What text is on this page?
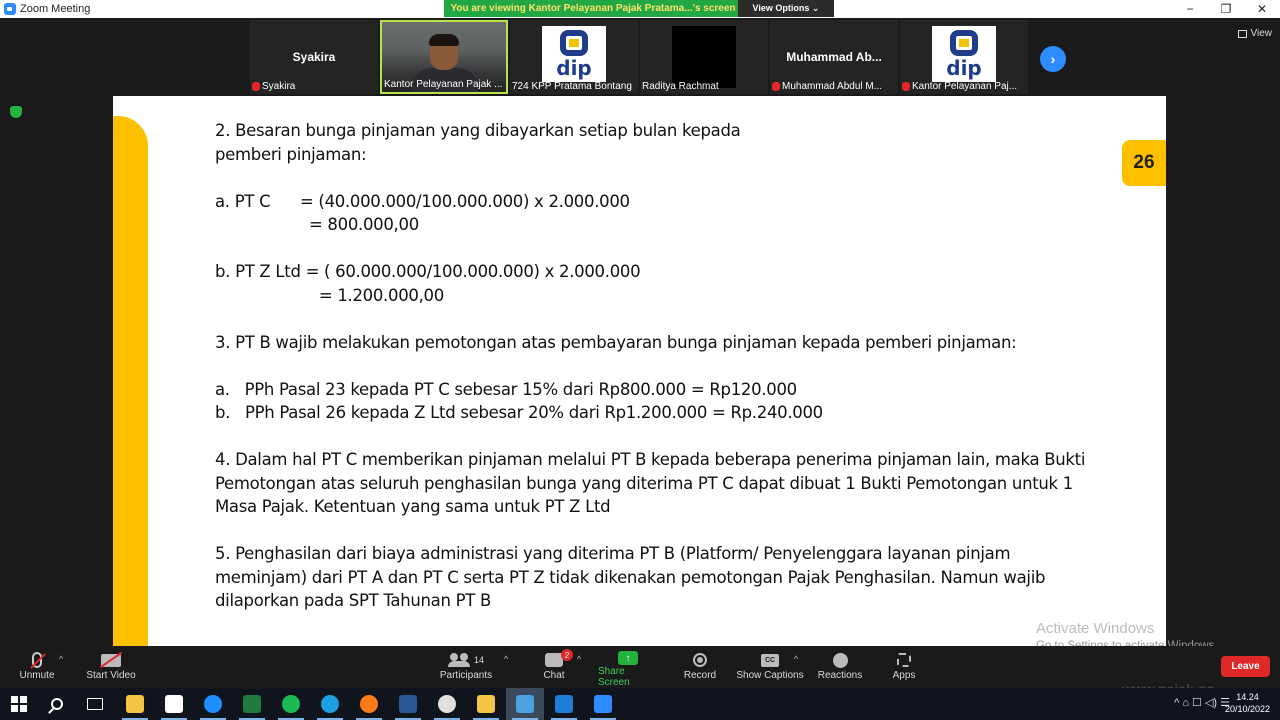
Zoom Meeting	−	❐	✕
You are viewing Kantor Pelayanan Pajak Pratama...'s screen	View Options ⌄
View
Syakira
Syakira	Kantor Pelayanan Pajak ...
dip
724 KPP Pratama Bontang Raditya Rachmat
Muhammad Ab...
Muhammad Abdul M...
dip
Kantor Pelayanan Paj...
›
26

2. Besaran bunga pinjaman yang dibayarkan setiap bulan kepada

pemberi pinjaman:

a. PT C      = (40.000.000/100.000.000) x 2.000.000

= 800.000,00

b. PT Z Ltd = ( 60.000.000/100.000.000) x 2.000.000

= 1.200.000,00

3. PT B wajib melakukan pemotongan atas pembayaran bunga pinjaman kepada pemberi pinjaman:

a.   PPh Pasal 23 kepada PT C sebesar 15% dari Rp800.000 = Rp120.000

b.   PPh Pasal 26 kepada Z Ltd sebesar 20% dari Rp1.200.000 = Rp.240.000

4. Dalam hal PT C memberikan pinjaman melalui PT B kepada beberapa penerima pinjaman lain, maka Bukti

Pemotongan atas seluruh penghasilan bunga yang diterima PT C dapat dibuat 1 Bukti Pemotongan untuk 1

Masa Pajak. Ketentuan yang sama untuk PT Z Ltd

5. Penghasilan dari biaya administrasi yang diterima PT B (Platform/ Penyelenggara layanan pinjam

meminjam) dari PT A dan PT C serta PT Z tidak dikenakan pemotongan Pajak Penghasilan. Namun wajib

dilaporkan pada SPT Tahunan PT B

Activate Windows
Unmute
^
Start Video
14
Participants
^	2
Chat
^	↑
Share Screen
Record
CC
Show Captions
^
Reactions	Apps
Leave
^ ⌂ ☐ ◁) ☰ 14.24
20/10/2022
